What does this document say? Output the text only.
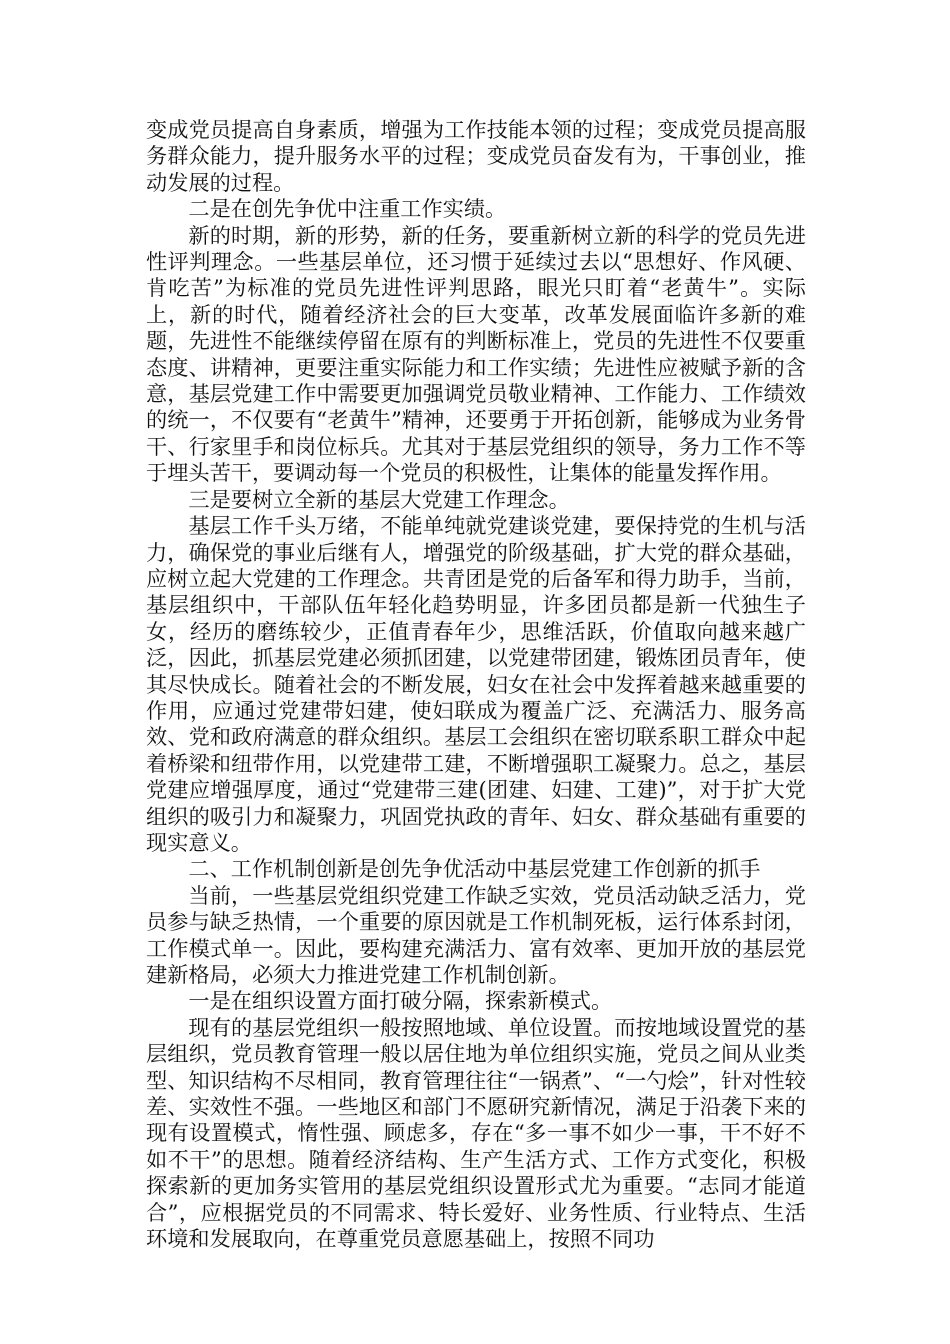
变成党员提高自身素质，增强为工作技能本领的过程；变成党员提高服务群众能力，提升服务水平的过程；变成党员奋发有为，干事创业，推动发展的过程。

二是在创先争优中注重工作实绩。

新的时期，新的形势，新的任务，要重新树立新的科学的党员先进性评判理念。一些基层单位，还习惯于延续过去以“思想好、作风硬、肯吃苦”为标准的党员先进性评判思路，眼光只盯着“老黄牛”。实际上，新的时代，随着经济社会的巨大变革，改革发展面临许多新的难题，先进性不能继续停留在原有的判断标准上，党员的先进性不仅要重态度、讲精神，更要注重实际能力和工作实绩；先进性应被赋予新的含意，基层党建工作中需要更加强调党员敬业精神、工作能力、工作绩效的统一，不仅要有“老黄牛”精神，还要勇于开拓创新，能够成为业务骨干、行家里手和岗位标兵。尤其对于基层党组织的领导，务力工作不等于埋头苦干，要调动每一个党员的积极性，让集体的能量发挥作用。

三是要树立全新的基层大党建工作理念。

基层工作千头万绪，不能单纯就党建谈党建，要保持党的生机与活力，确保党的事业后继有人，增强党的阶级基础，扩大党的群众基础，应树立起大党建的工作理念。共青团是党的后备军和得力助手，当前，基层组织中，干部队伍年轻化趋势明显，许多团员都是新一代独生子女，经历的磨练较少，正值青春年少，思维活跃，价值取向越来越广泛，因此，抓基层党建必须抓团建，以党建带团建，锻炼团员青年，使其尽快成长。随着社会的不断发展，妇女在社会中发挥着越来越重要的作用，应通过党建带妇建，使妇联成为覆盖广泛、充满活力、服务高效、党和政府满意的群众组织。基层工会组织在密切联系职工群众中起着桥梁和纽带作用，以党建带工建，不断增强职工凝聚力。总之，基层党建应增强厚度，通过“党建带三建(团建、妇建、工建)”，对于扩大党组织的吸引力和凝聚力，巩固党执政的青年、妇女、群众基础有重要的现实意义。

二、工作机制创新是创先争优活动中基层党建工作创新的抓手

当前，一些基层党组织党建工作缺乏实效，党员活动缺乏活力，党员参与缺乏热情，一个重要的原因就是工作机制死板，运行体系封闭，工作模式单一。因此，要构建充满活力、富有效率、更加开放的基层党建新格局，必须大力推进党建工作机制创新。

一是在组织设置方面打破分隔，探索新模式。

现有的基层党组织一般按照地域、单位设置。而按地域设置党的基层组织，党员教育管理一般以居住地为单位组织实施，党员之间从业类型、知识结构不尽相同，教育管理往往“一锅煮”、“一勺烩”，针对性较差、实效性不强。一些地区和部门不愿研究新情况，满足于沿袭下来的现有设置模式，惰性强、顾虑多，存在“多一事不如少一事，干不好不如不干”的思想。随着经济结构、生产生活方式、工作方式变化，积极探索新的更加务实管用的基层党组织设置形式尤为重要。“志同才能道合”，应根据党员的不同需求、特长爱好、业务性质、行业特点、生活环境和发展取向，在尊重党员意愿基础上，按照不同功
